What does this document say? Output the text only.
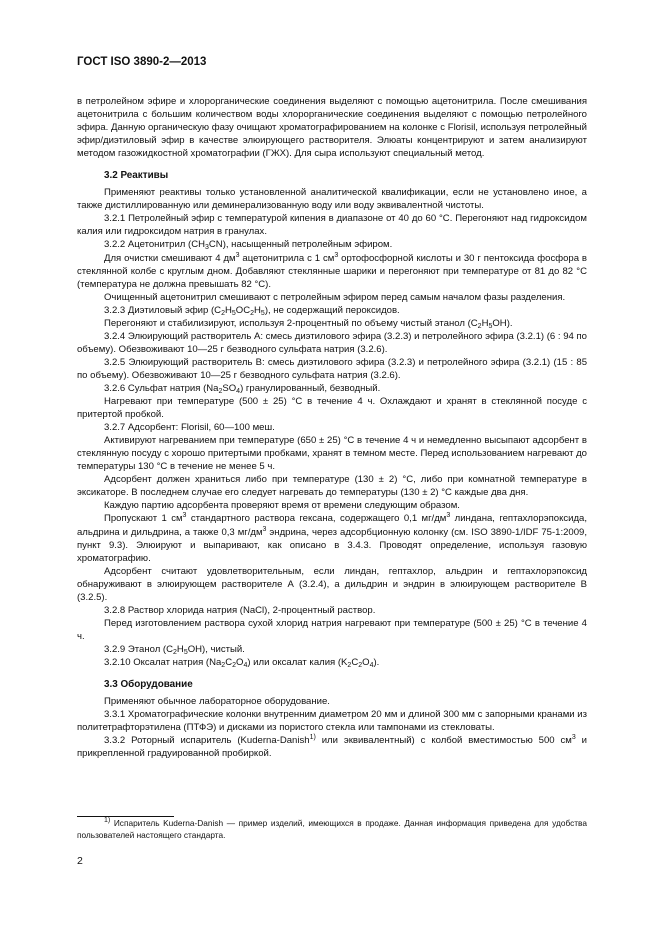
ГОСТ ISO 3890-2—2013

в петролейном эфире и хлорорганические соединения выделяют с помощью ацетонитрила. После смешивания ацетонитрила с большим количеством воды хлорорганические соединения выделяют с помощью петролейного эфира. Данную органическую фазу очищают хроматографированием на колонке с Florisil, используя петролейный эфир/диэтиловый эфир в качестве элюирующего растворителя. Элюаты концентрируют и затем анализируют методом газожидкостной хроматографии (ГЖХ). Для сыра используют специальный метод.

3.2 Реактивы

Применяют реактивы только установленной аналитической квалификации, если не установлено иное, а также дистиллированную или деминерализованную воду или воду эквивалентной чистоты.

3.2.1 Петролейный эфир с температурой кипения в диапазоне от 40 до 60 °С. Перегоняют над гидроксидом калия или гидроксидом натрия в гранулах.

3.2.2 Ацетонитрил $(CH_3CN)$, насыщенный петролейным эфиром.

Для очистки смешивают 4 $дм^3$ ацетонитрила с 1 $см^3$ ортофосфорной кислоты и 30 г пентоксида фосфора в стеклянной колбе с круглым дном. Добавляют стеклянные шарики и перегоняют при температуре от 81 до 82 °С (температура не должна превышать 82 °С).

Очищенный ацетонитрил смешивают с петролейным эфиром перед самым началом фазы разделения.

3.2.3 Диэтиловый эфир $(C_2H_5OC_2H_5)$, не содержащий пероксидов.

Перегоняют и стабилизируют, используя 2-процентный по объему чистый этанол $(C_2H_5OH)$.

3.2.4 Элюирующий растворитель А: смесь диэтилового эфира (3.2.3) и петролейного эфира (3.2.1) (6 : 94 по объему). Обезвоживают 10—25 г безводного сульфата натрия (3.2.6).

3.2.5 Элюирующий растворитель В: смесь диэтилового эфира (3.2.3) и петролейного эфира (3.2.1) (15 : 85 по объему). Обезвоживают 10—25 г безводного сульфата натрия (3.2.6).

3.2.6 Сульфат натрия $(Na_2SO_4)$ гранулированный, безводный.

Нагревают при температуре (500 ± 25) °С в течение 4 ч. Охлаждают и хранят в стеклянной посуде с притертой пробкой.

3.2.7 Адсорбент: Florisil, 60—100 меш.

Активируют нагреванием при температуре (650 ± 25) °С в течение 4 ч и немедленно высыпают адсорбент в стеклянную посуду с хорошо притертыми пробками, хранят в темном месте. Перед использованием нагревают до температуры 130 °С в течение не менее 5 ч.

Адсорбент должен храниться либо при температуре (130 ± 2) °С, либо при комнатной температуре в эксикаторе. В последнем случае его следует нагревать до температуры (130 ± 2) °С каждые два дня.

Каждую партию адсорбента проверяют время от времени следующим образом.

Пропускают 1 $см^3$ стандартного раствора гексана, содержащего 0,1 $мг/дм^3$ линдана, гептахлорэпоксида, альдрина и дильдрина, а также 0,3 $мг/дм^3$ эндрина, через адсорбционную колонку (см. ISO 3890-1/IDF 75-1:2009, пункт 9.3). Элюируют и выпаривают, как описано в 3.4.3. Проводят определение, используя газовую хроматографию.

Адсорбент считают удовлетворительным, если линдан, гептахлор, альдрин и гептахлорэпоксид обнаруживают в элюирующем растворителе А (3.2.4), а дильдрин и эндрин в элюирующем растворителе В (3.2.5).

3.2.8 Раствор хлорида натрия (NaCl), 2-процентный раствор.

Перед изготовлением раствора сухой хлорид натрия нагревают при температуре (500 ± 25) °С в течение 4 ч.

3.2.9 Этанол $(C_2H_5OH)$, чистый.

3.2.10 Оксалат натрия $(Na_2C_2O_4)$ или оксалат калия $(K_2C_2O_4)$.

3.3 Оборудование

Применяют обычное лабораторное оборудование.

3.3.1 Хроматографические колонки внутренним диаметром 20 мм и длиной 300 мм с запорными кранами из политетрафторэтилена (ПТФЭ) и дисками из пористого стекла или тампонами из стекловаты.

3.3.2 Роторный испаритель (Kuderna-Danish$^{1)}$ или эквивалентный) с колбой вместимостью 500 $см^3$ и прикрепленной градуированной пробиркой.

$^{1)}$ Испаритель Kuderna-Danish — пример изделий, имеющихся в продаже. Данная информация приведена для удобства пользователей настоящего стандарта.
2
